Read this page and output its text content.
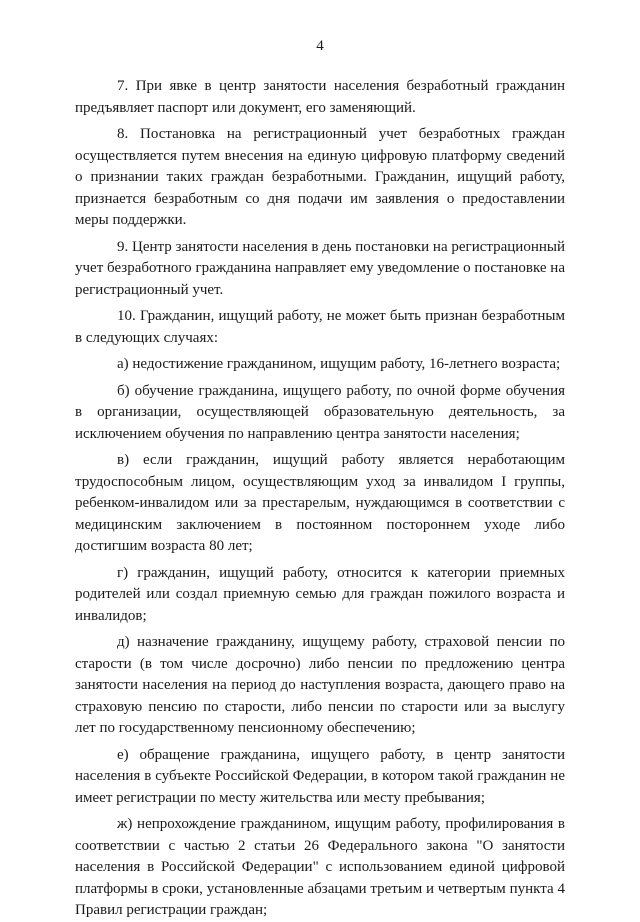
4

7. При явке в центр занятости населения безработный гражданин предъявляет паспорт или документ, его заменяющий.

8. Постановка на регистрационный учет безработных граждан осуществляется путем внесения на единую цифровую платформу сведений о признании таких граждан безработными. Гражданин, ищущий работу, признается безработным со дня подачи им заявления о предоставлении меры поддержки.

9. Центр занятости населения в день постановки на регистрационный учет безработного гражданина направляет ему уведомление о постановке на регистрационный учет.

10. Гражданин, ищущий работу, не может быть признан безработным в следующих случаях:

а) недостижение гражданином, ищущим работу, 16-летнего возраста;

б) обучение гражданина, ищущего работу, по очной форме обучения в организации, осуществляющей образовательную деятельность, за исключением обучения по направлению центра занятости населения;

в) если гражданин, ищущий работу является неработающим трудоспособным лицом, осуществляющим уход за инвалидом I группы, ребенком-инвалидом или за престарелым, нуждающимся в соответствии с медицинским заключением в постоянном постороннем уходе либо достигшим возраста 80 лет;

г) гражданин, ищущий работу, относится к категории приемных родителей или создал приемную семью для граждан пожилого возраста и инвалидов;

д) назначение гражданину, ищущему работу, страховой пенсии по старости (в том числе досрочно) либо пенсии по предложению центра занятости населения на период до наступления возраста, дающего право на страховую пенсию по старости, либо пенсии по старости или за выслугу лет по государственному пенсионному обеспечению;

е) обращение гражданина, ищущего работу, в центр занятости населения в субъекте Российской Федерации, в котором такой гражданин не имеет регистрации по месту жительства или месту пребывания;

ж) непрохождение гражданином, ищущим работу, профилирования в соответствии с частью 2 статьи 26 Федерального закона "О занятости населения в Российской Федерации" с использованием единой цифровой платформы в сроки, установленные абзацами третьим и четвертым пункта 4 Правил регистрации граждан;
